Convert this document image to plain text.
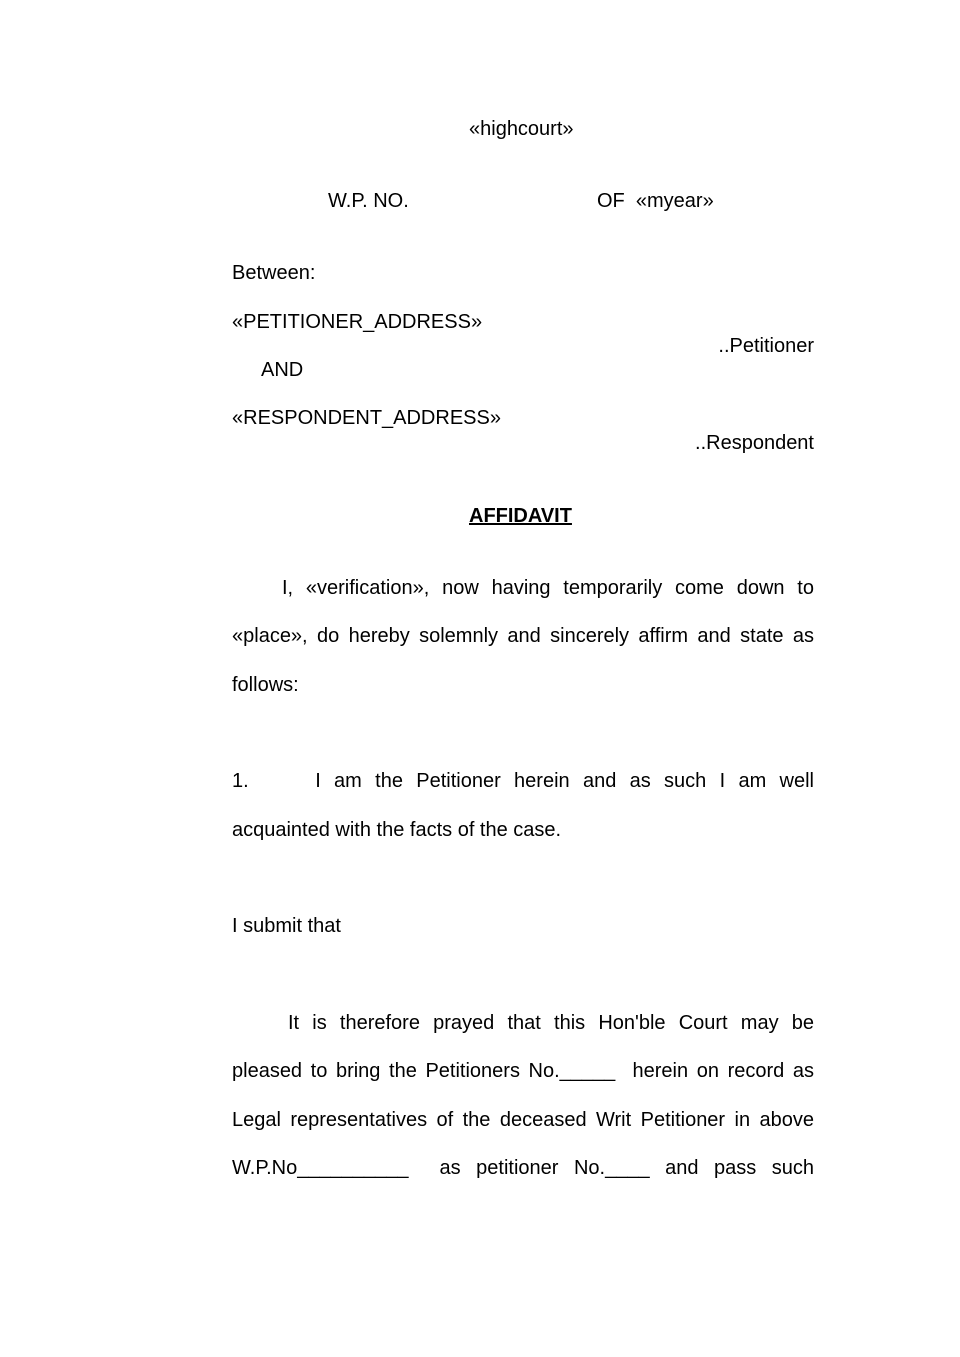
«highcourt»
W.P. NO.	OF  «myear»
Between:
«PETITIONER_ADDRESS»
..Petitioner
AND
«RESPONDENT_ADDRESS»
..Respondent
AFFIDAVIT
I, «verification», now having temporarily come down to
«place», do hereby solemnly and sincerely affirm and state as
follows:
1.     I am the Petitioner herein and as such I am well
acquainted with the facts of the case.
I submit that
It is therefore prayed that this Hon'ble Court may be
pleased to bring the Petitioners No._____  herein on record as
Legal representatives of the deceased Writ Petitioner in above
W.P.No__________  as petitioner No.____ and pass such
